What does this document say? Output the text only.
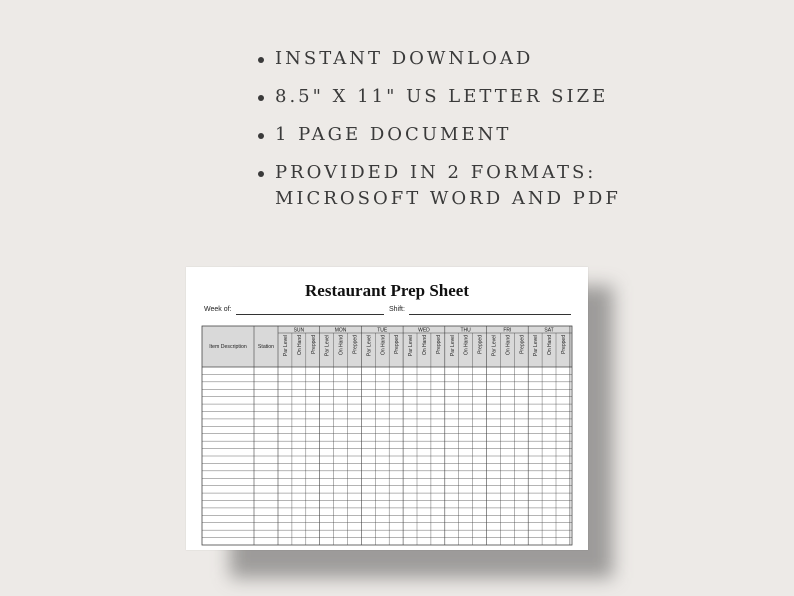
INSTANT DOWNLOAD
8.5" X 11" US LETTER SIZE
1 PAGE DOCUMENT
PROVIDED IN 2 FORMATS:
MICROSOFT WORD AND PDF
Restaurant Prep Sheet
Week of:	Shift:
SUN
Par Level On Hand Prepped
MON
Par Level On Hand Prepped
TUE
Par Level On Hand Prepped
WED
Par Level On Hand Prepped
THU
Par Level On Hand Prepped
FRI
Par Level On Hand Prepped
SAT
Par Level On Hand Prepped
Item Description Station
